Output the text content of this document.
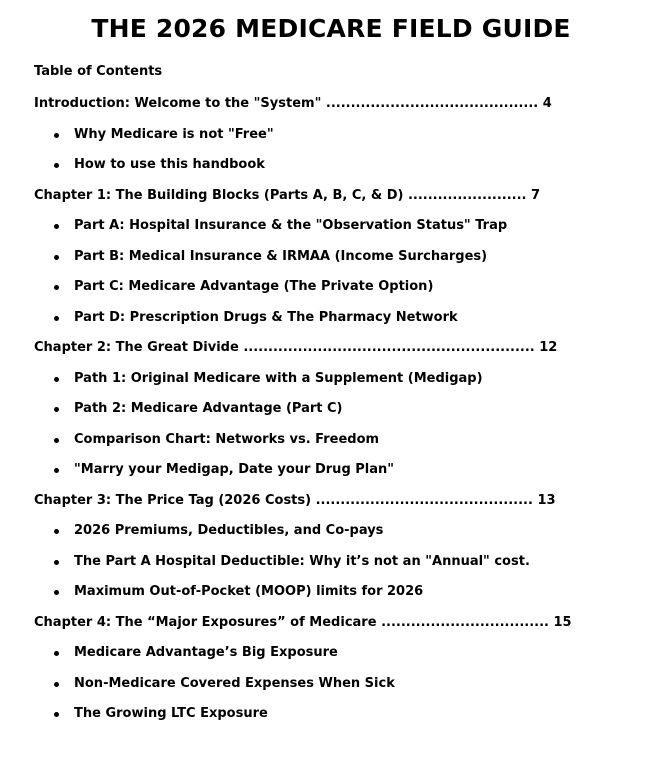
THE 2026 MEDICARE FIELD GUIDE
Table of Contents
Introduction: Welcome to the "System" ........................................... 4
Why Medicare is not "Free"
How to use this handbook
Chapter 1: The Building Blocks (Parts A, B, C, & D) ........................ 7
Part A: Hospital Insurance & the "Observation Status" Trap
Part B: Medical Insurance & IRMAA (Income Surcharges)
Part C: Medicare Advantage (The Private Option)
Part D: Prescription Drugs & The Pharmacy Network
Chapter 2: The Great Divide ........................................................... 12
Path 1: Original Medicare with a Supplement (Medigap)
Path 2: Medicare Advantage (Part C)
Comparison Chart: Networks vs. Freedom
"Marry your Medigap, Date your Drug Plan"
Chapter 3: The Price Tag (2026 Costs) ............................................ 13
2026 Premiums, Deductibles, and Co-pays
The Part A Hospital Deductible: Why it’s not an "Annual" cost.
Maximum Out-of-Pocket (MOOP) limits for 2026
Chapter 4: The “Major Exposures” of Medicare .................................. 15
Medicare Advantage’s Big Exposure
Non-Medicare Covered Expenses When Sick
The Growing LTC Exposure
